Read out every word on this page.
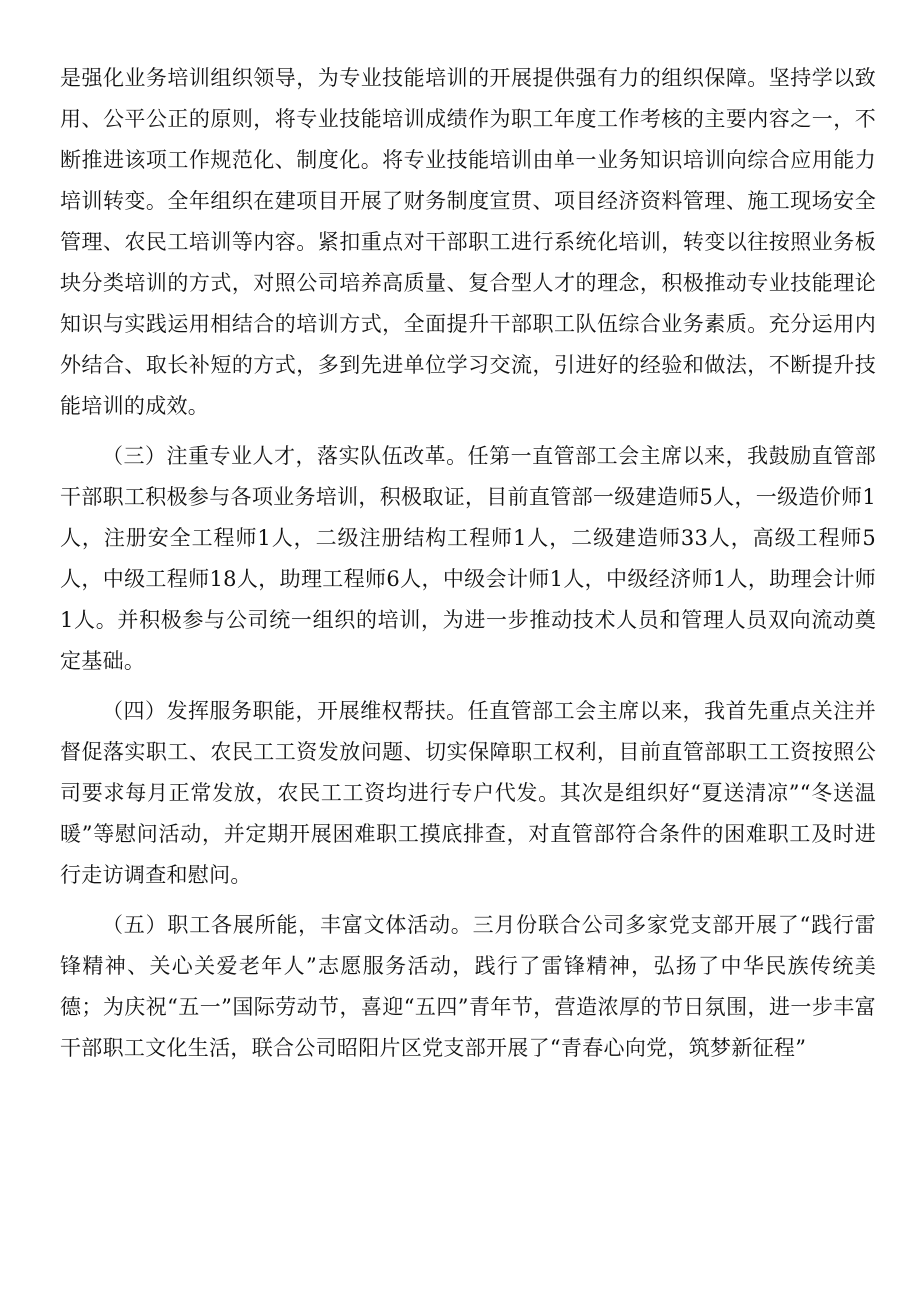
是强化业务培训组织领导，为专业技能培训的开展提供强有力的组织保障。坚持学以致用、公平公正的原则，将专业技能培训成绩作为职工年度工作考核的主要内容之一，不断推进该项工作规范化、制度化。将专业技能培训由单一业务知识培训向综合应用能力培训转变。全年组织在建项目开展了财务制度宣贯、项目经济资料管理、施工现场安全管理、农民工培训等内容。紧扣重点对干部职工进行系统化培训，转变以往按照业务板块分类培训的方式，对照公司培养高质量、复合型人才的理念，积极推动专业技能理论知识与实践运用相结合的培训方式，全面提升干部职工队伍综合业务素质。充分运用内外结合、取长补短的方式，多到先进单位学习交流，引进好的经验和做法，不断提升技能培训的成效。

（三）注重专业人才，落实队伍改革。任第一直管部工会主席以来，我鼓励直管部干部职工积极参与各项业务培训，积极取证，目前直管部一级建造师5人，一级造价师1人，注册安全工程师1人，二级注册结构工程师1人，二级建造师33人，高级工程师5人，中级工程师18人，助理工程师6人，中级会计师1人，中级经济师1人，助理会计师1人。并积极参与公司统一组织的培训，为进一步推动技术人员和管理人员双向流动奠定基础。

（四）发挥服务职能，开展维权帮扶。任直管部工会主席以来，我首先重点关注并督促落实职工、农民工工资发放问题、切实保障职工权利，目前直管部职工工资按照公司要求每月正常发放，农民工工资均进行专户代发。其次是组织好“夏送清凉”“冬送温暖”等慰问活动，并定期开展困难职工摸底排查，对直管部符合条件的困难职工及时进行走访调查和慰问。

（五）职工各展所能，丰富文体活动。三月份联合公司多家党支部开展了“践行雷锋精神、关心关爱老年人”志愿服务活动，践行了雷锋精神，弘扬了中华民族传统美德；为庆祝“五一”国际劳动节，喜迎“五四”青年节，营造浓厚的节日氛围，进一步丰富干部职工文化生活，联合公司昭阳片区党支部开展了“青春心向党，筑梦新征程”
